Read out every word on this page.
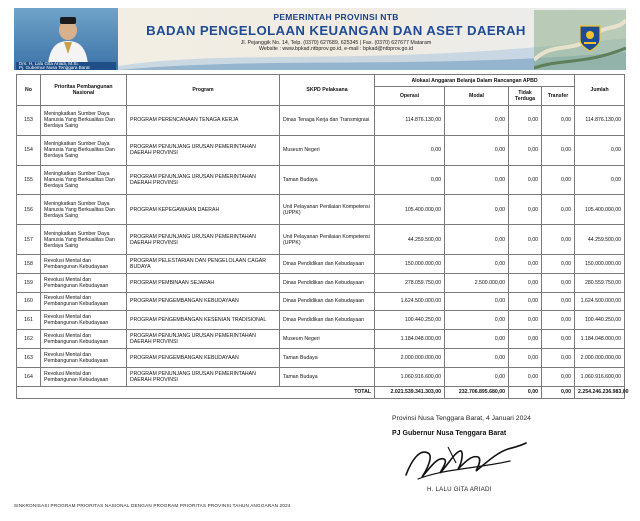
Drs. H. Lalu Gita Ariadi, M.Si.
Pj. Gubernur Nusa Tenggara Barat
PEMERINTAH PROVINSI NTB
BADAN PENGELOLAAN KEUANGAN DAN ASET DAERAH
Jl. Pejanggik No. 14, Telp. (0370) 627689, 625345 | Fax. (0370) 627677 Mataram
Website : www.bpkad.ntbprov.go.id, e-mail : bpkad@ntbprov.go.id
No	Prioritas Pembangunan Nasional	Program	SKPD Pelaksana	Alokasi Anggaran Belanja Dalam Rancangan APBD				Jumlah
				Operasi	Modal	Tidak Terduga	Transfer	
153	Meningkatkan Sumber Daya Manusia Yang Berkualitas Dan Berdaya Saing	PROGRAM PERENCANAAN TENAGA KERJA	Dinas Tenaga Kerja dan Transmigrasi	114.876.130,00	0,00	0,00	0,00	114.876.130,00
154	Meningkatkan Sumber Daya Manusia Yang Berkualitas Dan Berdaya Saing	PROGRAM PENUNJANG URUSAN PEMERINTAHAN DAERAH PROVINSI	Museum Negeri	0,00	0,00	0,00	0,00	0,00
155	Meningkatkan Sumber Daya Manusia Yang Berkualitas Dan Berdaya Saing	PROGRAM PENUNJANG URUSAN PEMERINTAHAN DAERAH PROVINSI	Taman Budaya	0,00	0,00	0,00	0,00	0,00
156	Meningkatkan Sumber Daya Manusia Yang Berkualitas Dan Berdaya Saing	PROGRAM KEPEGAWAIAN DAERAH	Unit Pelayanan Penilaian Kompetensi (UPPK)	105.400.000,00	0,00	0,00	0,00	105.400.000,00
157	Meningkatkan Sumber Daya Manusia Yang Berkualitas Dan Berdaya Saing	PROGRAM PENUNJANG URUSAN PEMERINTAHAN DAERAH PROVINSI	Unit Pelayanan Penilaian Kompetensi (UPPK)	44.259.500,00	0,00	0,00	0,00	44.259.500,00
158	Revolusi Mental dan Pembangunan Kebudayaan	PROGRAM PELESTARIAN DAN PENGELOLAAN CAGAR BUDAYA	Dinas Pendidikan dan Kebudayaan	150.000.000,00	0,00	0,00	0,00	150.000.000,00
159	Revolusi Mental dan Pembangunan Kebudayaan	PROGRAM PEMBINAAN SEJARAH	Dinas Pendidikan dan Kebudayaan	278.059.750,00	2.500.000,00	0,00	0,00	280.559.750,00
160	Revolusi Mental dan Pembangunan Kebudayaan	PROGRAM PENGEMBANGAN KEBUDAYAAN	Dinas Pendidikan dan Kebudayaan	1.624.500.000,00	0,00	0,00	0,00	1.624.500.000,00
161	Revolusi Mental dan Pembangunan Kebudayaan	PROGRAM PENGEMBANGAN KESENIAN TRADISIONAL	Dinas Pendidikan dan Kebudayaan	100.440.250,00	0,00	0,00	0,00	100.440.250,00
162	Revolusi Mental dan Pembangunan Kebudayaan	PROGRAM PENUNJANG URUSAN PEMERINTAHAN DAERAH PROVINSI	Museum Negeri	1.184.048.000,00	0,00	0,00	0,00	1.184.048.000,00
163	Revolusi Mental dan Pembangunan Kebudayaan	PROGRAM PENGEMBANGAN KEBUDAYAAN	Taman Budaya	2.000.000.000,00	0,00	0,00	0,00	2.000.000.000,00
164	Revolusi Mental dan Pembangunan Kebudayaan	PROGRAM PENUNJANG URUSAN PEMERINTAHAN DAERAH PROVINSI	Taman Budaya	1.060.916.600,00	0,00	0,00	0,00	1.060.916.600,00
TOTAL				2.021.539.341.303,00	232.706.895.680,00	0,00	0,00	2.254.246.236.983,00
Provinsi Nusa Tenggara Barat, 4 Januari 2024
PJ Gubernur Nusa Tenggara Barat
H. LALU GITA ARIADI
SINKRONISASI PROGRAM PRIORITAS NASIONAL DENGAN PROGRAM PRIORITAS PROVINSI TAHUN ANGGARAN 2024
